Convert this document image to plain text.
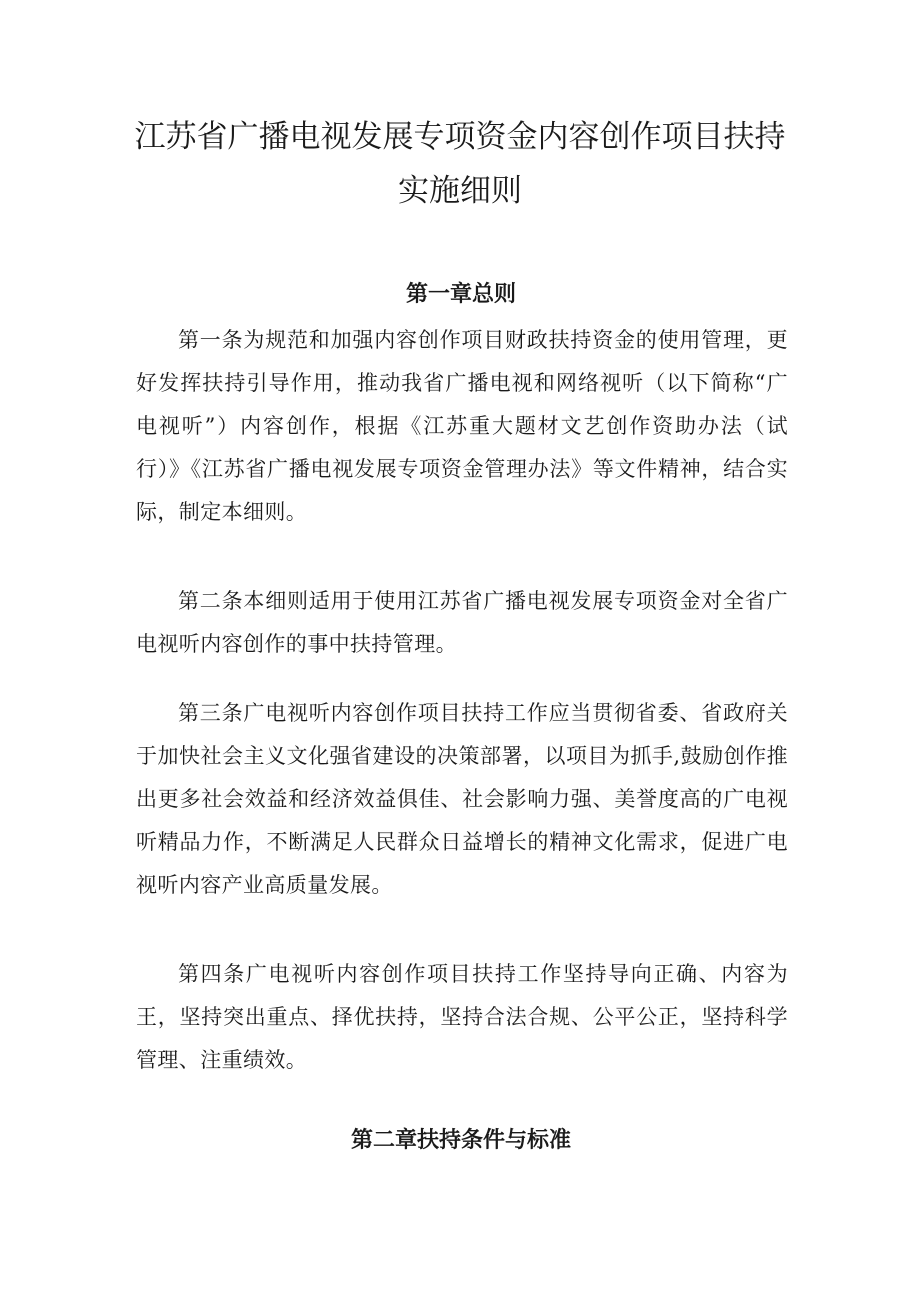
江苏省广播电视发展专项资金内容创作项目扶持实施细则
第一章总则

第一条为规范和加强内容创作项目财政扶持资金的使用管理，更好发挥扶持引导作用，推动我省广播电视和网络视听（以下简称“广电视听”）内容创作，根据《江苏重大题材文艺创作资助办法（试行）》《江苏省广播电视发展专项资金管理办法》等文件精神，结合实际，制定本细则。

第二条本细则适用于使用江苏省广播电视发展专项资金对全省广电视听内容创作的事中扶持管理。

第三条广电视听内容创作项目扶持工作应当贯彻省委、省政府关于加快社会主义文化强省建设的决策部署，以项目为抓手,鼓励创作推出更多社会效益和经济效益俱佳、社会影响力强、美誉度高的广电视听精品力作，不断满足人民群众日益增长的精神文化需求，促进广电视听内容产业高质量发展。

第四条广电视听内容创作项目扶持工作坚持导向正确、内容为王，坚持突出重点、择优扶持，坚持合法合规、公平公正，坚持科学管理、注重绩效。

第二章扶持条件与标准
